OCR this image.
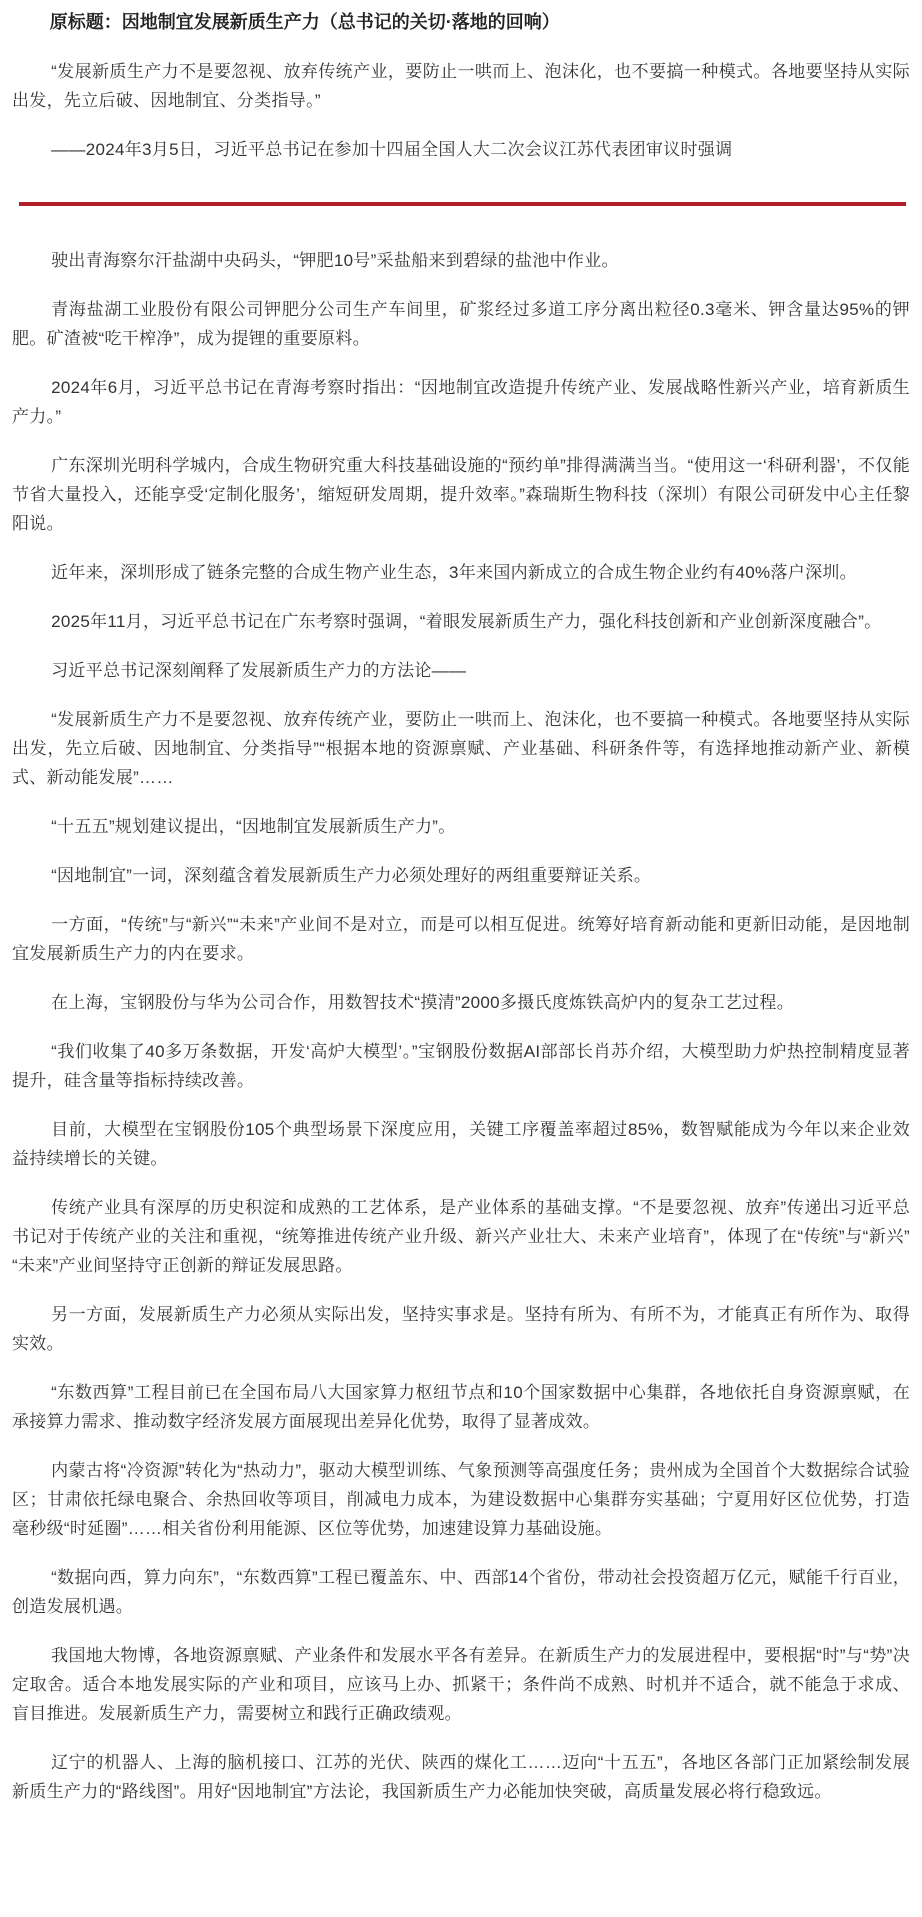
原标题：因地制宜发展新质生产力（总书记的关切·落地的回响）

“发展新质生产力不是要忽视、放弃传统产业，要防止一哄而上、泡沫化，也不要搞一种模式。各地要坚持从实际出发，先立后破、因地制宜、分类指导。”

——2024年3月5日，习近平总书记在参加十四届全国人大二次会议江苏代表团审议时强调

驶出青海察尔汗盐湖中央码头，“钾肥10号”采盐船来到碧绿的盐池中作业。

青海盐湖工业股份有限公司钾肥分公司生产车间里，矿浆经过多道工序分离出粒径0.3毫米、钾含量达95%的钾肥。矿渣被“吃干榨净”，成为提锂的重要原料。

2024年6月，习近平总书记在青海考察时指出：“因地制宜改造提升传统产业、发展战略性新兴产业，培育新质生产力。”

广东深圳光明科学城内，合成生物研究重大科技基础设施的“预约单”排得满满当当。“使用这一‘科研利器’，不仅能节省大量投入，还能享受‘定制化服务’，缩短研发周期，提升效率。”森瑞斯生物科技（深圳）有限公司研发中心主任黎阳说。

近年来，深圳形成了链条完整的合成生物产业生态，3年来国内新成立的合成生物企业约有40%落户深圳。

2025年11月，习近平总书记在广东考察时强调，“着眼发展新质生产力，强化科技创新和产业创新深度融合”。

习近平总书记深刻阐释了发展新质生产力的方法论——

“发展新质生产力不是要忽视、放弃传统产业，要防止一哄而上、泡沫化，也不要搞一种模式。各地要坚持从实际出发，先立后破、因地制宜、分类指导”“根据本地的资源禀赋、产业基础、科研条件等，有选择地推动新产业、新模式、新动能发展”……

“十五五”规划建议提出，“因地制宜发展新质生产力”。

“因地制宜”一词，深刻蕴含着发展新质生产力必须处理好的两组重要辩证关系。

一方面，“传统”与“新兴”“未来”产业间不是对立，而是可以相互促进。统筹好培育新动能和更新旧动能，是因地制宜发展新质生产力的内在要求。

在上海，宝钢股份与华为公司合作，用数智技术“摸清”2000多摄氏度炼铁高炉内的复杂工艺过程。

“我们收集了40多万条数据，开发‘高炉大模型’。”宝钢股份数据AI部部长肖苏介绍，大模型助力炉热控制精度显著提升，硅含量等指标持续改善。

目前，大模型在宝钢股份105个典型场景下深度应用，关键工序覆盖率超过85%，数智赋能成为今年以来企业效益持续增长的关键。

传统产业具有深厚的历史积淀和成熟的工艺体系，是产业体系的基础支撑。“不是要忽视、放弃”传递出习近平总书记对于传统产业的关注和重视，“统筹推进传统产业升级、新兴产业壮大、未来产业培育”，体现了在“传统”与“新兴”“未来”产业间坚持守正创新的辩证发展思路。

另一方面，发展新质生产力必须从实际出发，坚持实事求是。坚持有所为、有所不为，才能真正有所作为、取得实效。

“东数西算”工程目前已在全国布局八大国家算力枢纽节点和10个国家数据中心集群，各地依托自身资源禀赋，在承接算力需求、推动数字经济发展方面展现出差异化优势，取得了显著成效。

内蒙古将“冷资源”转化为“热动力”，驱动大模型训练、气象预测等高强度任务；贵州成为全国首个大数据综合试验区；甘肃依托绿电聚合、余热回收等项目，削减电力成本，为建设数据中心集群夯实基础；宁夏用好区位优势，打造毫秒级“时延圈”……相关省份利用能源、区位等优势，加速建设算力基础设施。

“数据向西，算力向东”，“东数西算”工程已覆盖东、中、西部14个省份，带动社会投资超万亿元，赋能千行百业，创造发展机遇。

我国地大物博，各地资源禀赋、产业条件和发展水平各有差异。在新质生产力的发展进程中，要根据“时”与“势”决定取舍。适合本地发展实际的产业和项目，应该马上办、抓紧干；条件尚不成熟、时机并不适合，就不能急于求成、盲目推进。发展新质生产力，需要树立和践行正确政绩观。

辽宁的机器人、上海的脑机接口、江苏的光伏、陕西的煤化工……迈向“十五五”，各地区各部门正加紧绘制发展新质生产力的“路线图”。用好“因地制宜”方法论，我国新质生产力必能加快突破，高质量发展必将行稳致远。
